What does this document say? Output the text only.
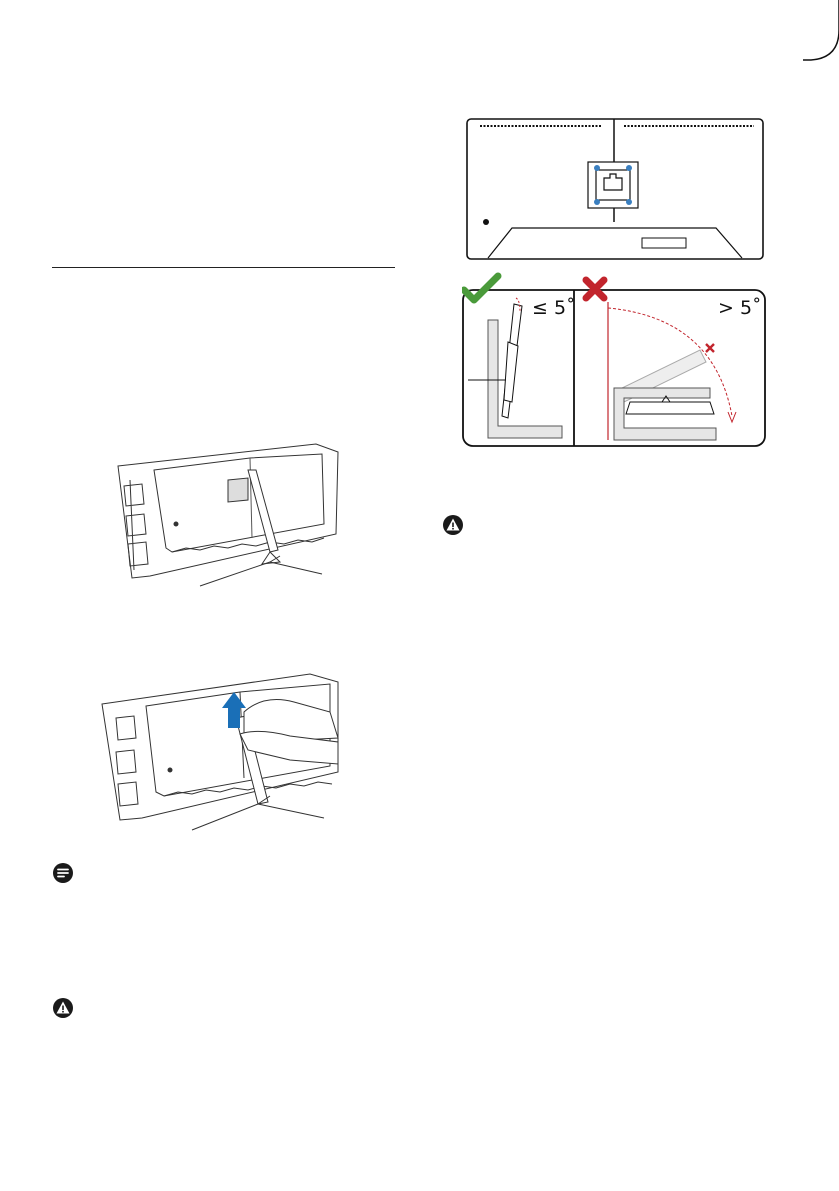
≤ 5˚	> 5˚
